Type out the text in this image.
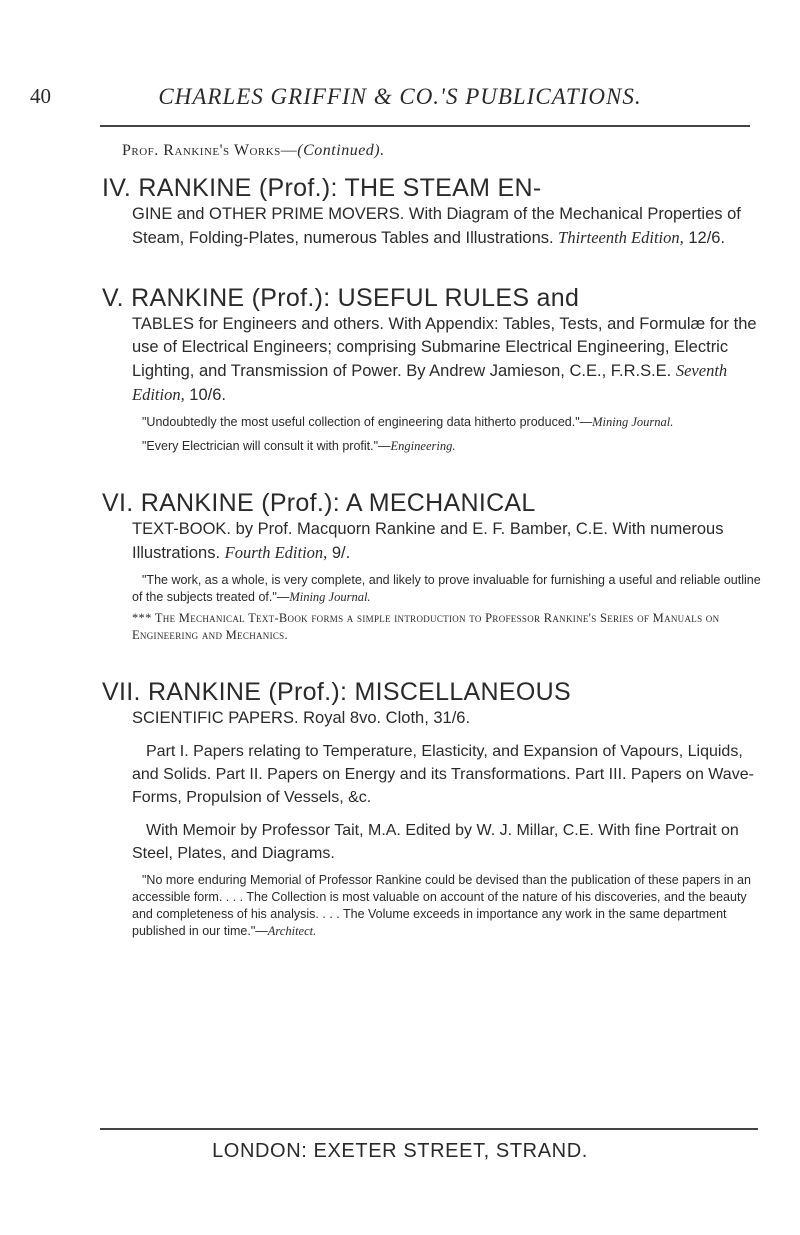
40	CHARLES GRIFFIN & CO.'S PUBLICATIONS.

Prof. Rankine's Works—(Continued).

IV. RANKINE (Prof.): THE STEAM EN-

GINE and OTHER PRIME MOVERS. With Diagram of the Mechanical Properties of Steam, Folding-Plates, numerous Tables and Illustrations. Thirteenth Edition, 12/6.

V. RANKINE (Prof.): USEFUL RULES and

TABLES for Engineers and others. With Appendix: Tables, Tests, and Formulæ for the use of Electrical Engineers; comprising Submarine Electrical Engineering, Electric Lighting, and Transmission of Power. By Andrew Jamieson, C.E., F.R.S.E. Seventh Edition, 10/6.

"Undoubtedly the most useful collection of engineering data hitherto produced."—Mining Journal.

"Every Electrician will consult it with profit."—Engineering.

VI. RANKINE (Prof.): A MECHANICAL

TEXT-BOOK. by Prof. Macquorn Rankine and E. F. Bamber, C.E. With numerous Illustrations. Fourth Edition, 9/.

"The work, as a whole, is very complete, and likely to prove invaluable for furnishing a useful and reliable outline of the subjects treated of."—Mining Journal.

*** The Mechanical Text-Book forms a simple introduction to Professor Rankine's Series of Manuals on Engineering and Mechanics.

VII. RANKINE (Prof.): MISCELLANEOUS

SCIENTIFIC PAPERS. Royal 8vo. Cloth, 31/6.

Part I. Papers relating to Temperature, Elasticity, and Expansion of Vapours, Liquids, and Solids. Part II. Papers on Energy and its Transformations. Part III. Papers on Wave-Forms, Propulsion of Vessels, &c.

With Memoir by Professor Tait, M.A. Edited by W. J. Millar, C.E. With fine Portrait on Steel, Plates, and Diagrams.

"No more enduring Memorial of Professor Rankine could be devised than the publication of these papers in an accessible form. . . . The Collection is most valuable on account of the nature of his discoveries, and the beauty and completeness of his analysis. . . . The Volume exceeds in importance any work in the same department published in our time."—Architect.

LONDON: EXETER STREET, STRAND.
